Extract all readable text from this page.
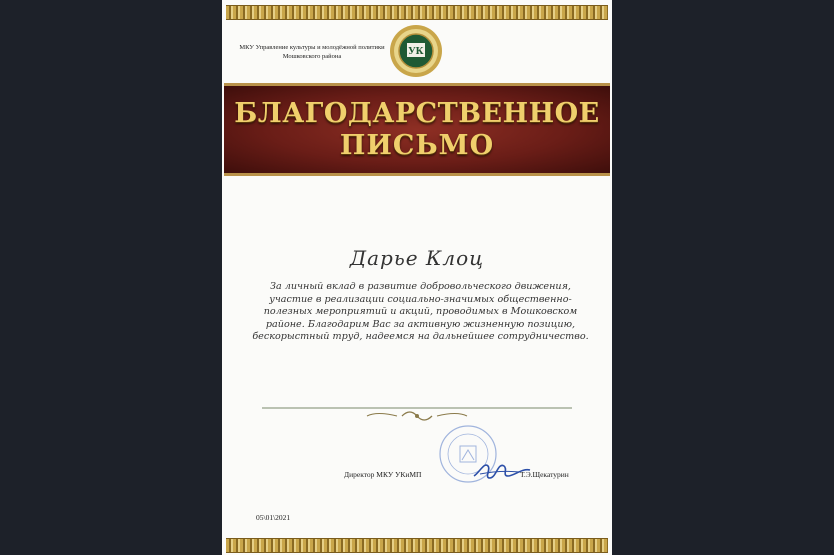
МКУ Управление культуры и молодёжной политики
Мошковского района	УК
БЛАГОДАРСТВЕННОЕ
ПИСЬМО
Дарье Клоц
За личный вклад в развитие добровольческого движения, участие в реализации социально-значимых общественно-полезных мероприятий и акций, проводимых в Мошковском районе. Благодарим Вас за активную жизненную позицию, бескорыстный труд, надеемся на дальнейшее сотрудничество.
Директор МКУ УКиМП	Т.Э.Щекатурин
05\01\2021
